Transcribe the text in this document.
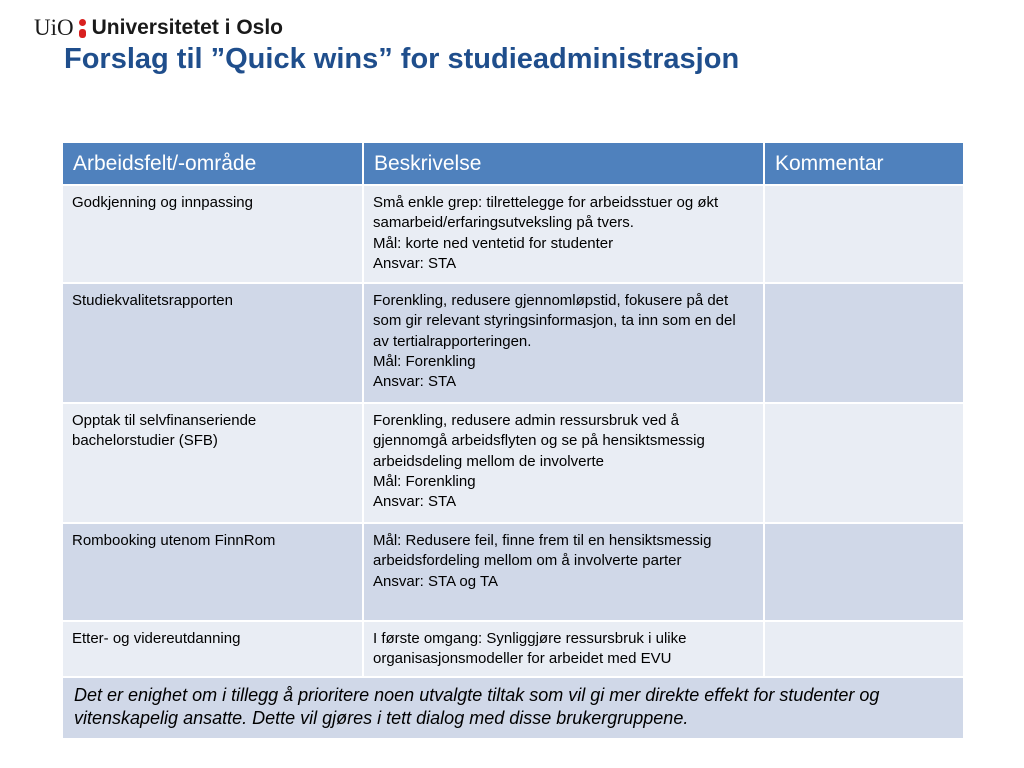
UiO Universitetet i Oslo
Forslag til ”Quick wins” for studieadministrasjon
Arbeidsfelt/-område	Beskrivelse	Kommentar
Godkjenning og innpassing	Små enkle grep: tilrettelegge for arbeidsstuer og økt samarbeid/erfaringsutveksling på tvers.
Mål: korte ned ventetid for studenter
Ansvar: STA	

Studiekvalitetsrapporten	Forenkling, redusere gjennomløpstid, fokusere på det som gir relevant styringsinformasjon, ta inn som en del av tertialrapporteringen.
Mål: Forenkling
Ansvar: STA	

Opptak til selvfinanseriende bachelorstudier (SFB)	Forenkling, redusere admin ressursbruk ved å gjennomgå arbeidsflyten og se på hensiktsmessig arbeidsdeling mellom de involverte
Mål: Forenkling
Ansvar: STA	

Rombooking utenom FinnRom	Mål: Redusere feil, finne frem til en hensiktsmessig arbeidsfordeling mellom om å involverte parter
Ansvar: STA og TA	

Etter- og videreutdanning	I første omgang: Synliggjøre ressursbruk i ulike organisasjonsmodeller for arbeidet med EVU	

Det er enighet om i tillegg å prioritere noen utvalgte tiltak som vil gi mer direkte effekt for studenter og vitenskapelig ansatte. Dette vil gjøres i tett dialog med disse brukergruppene.		
